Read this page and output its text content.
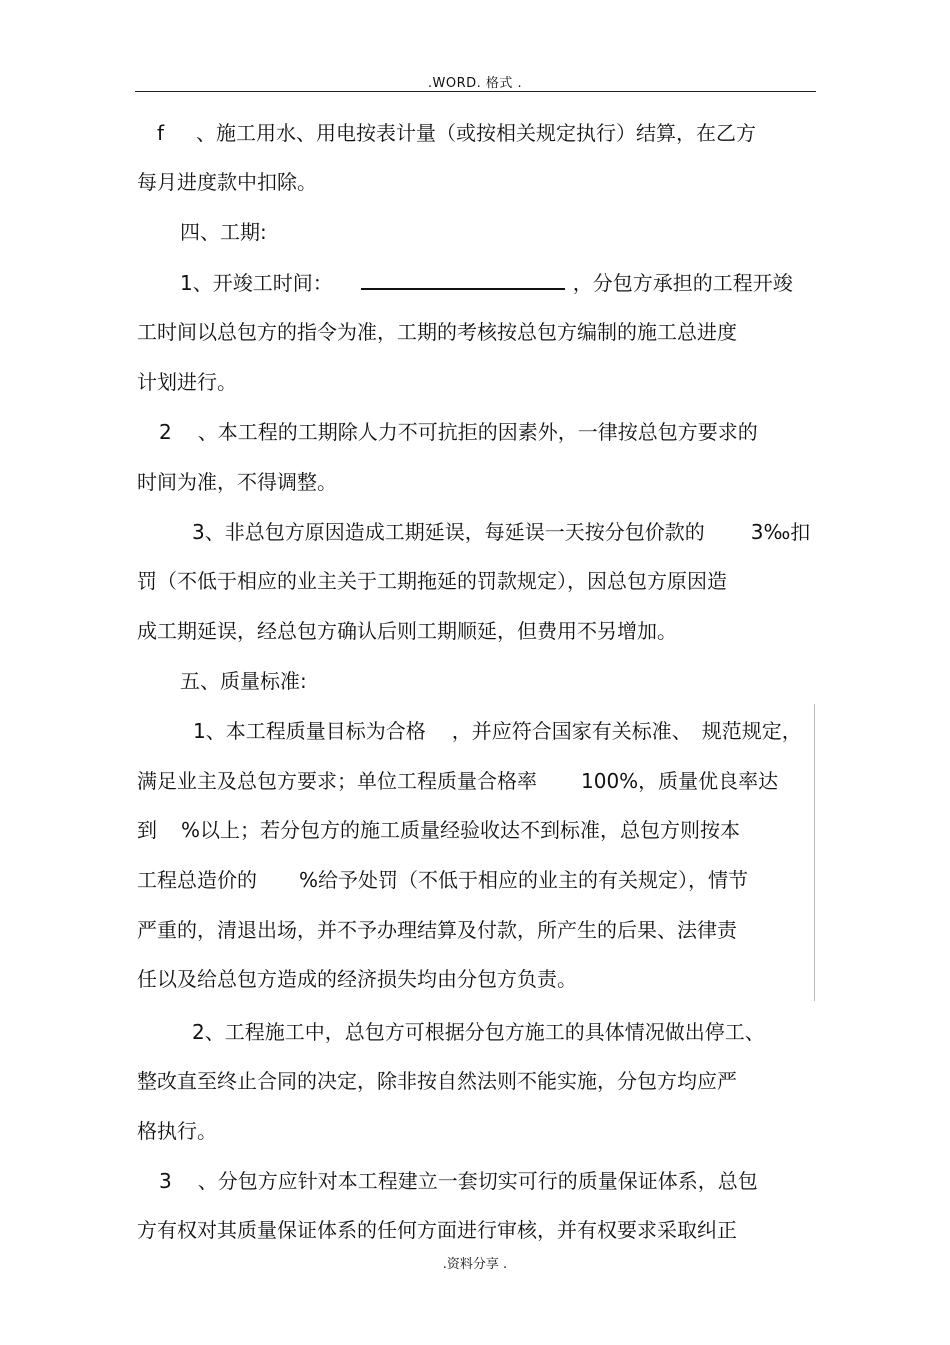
.WORD. 格式 .
f 、施工用水、用电按表计量（或按相关规定执行）结算，在乙方
每月进度款中扣除。
四、工期:
1、开竣工时间：	，分包方承担的工程开竣
工时间以总包方的指令为准，工期的考核按总包方编制的施工总进度
计划进行。
2 、本工程的工期除人力不可抗拒的因素外，一律按总包方要求的
时间为准，不得调整。
3、非总包方原因造成工期延误，每延误一天按分包价款的 3‰扣
罚（不低于相应的业主关于工期拖延的罚款规定），因总包方原因造
成工期延误，经总包方确认后则工期顺延，但费用不另增加。
五、质量标准:
1、本工程质量目标为合格 ，并应符合国家有关标准、 规范规定，
满足业主及总包方要求；单位工程质量合格率 100%，质量优良率达
到 %以上；若分包方的施工质量经验收达不到标准，总包方则按本
工程总造价的 %给予处罚（不低于相应的业主的有关规定），情节
严重的，清退出场，并不予办理结算及付款，所产生的后果、法律责
任以及给总包方造成的经济损失均由分包方负责。
2、工程施工中，总包方可根据分包方施工的具体情况做出停工、
整改直至终止合同的决定，除非按自然法则不能实施，分包方均应严
格执行。
3 、分包方应针对本工程建立一套切实可行的质量保证体系，总包
方有权对其质量保证体系的任何方面进行审核，并有权要求采取纠正
.资料分享 .
